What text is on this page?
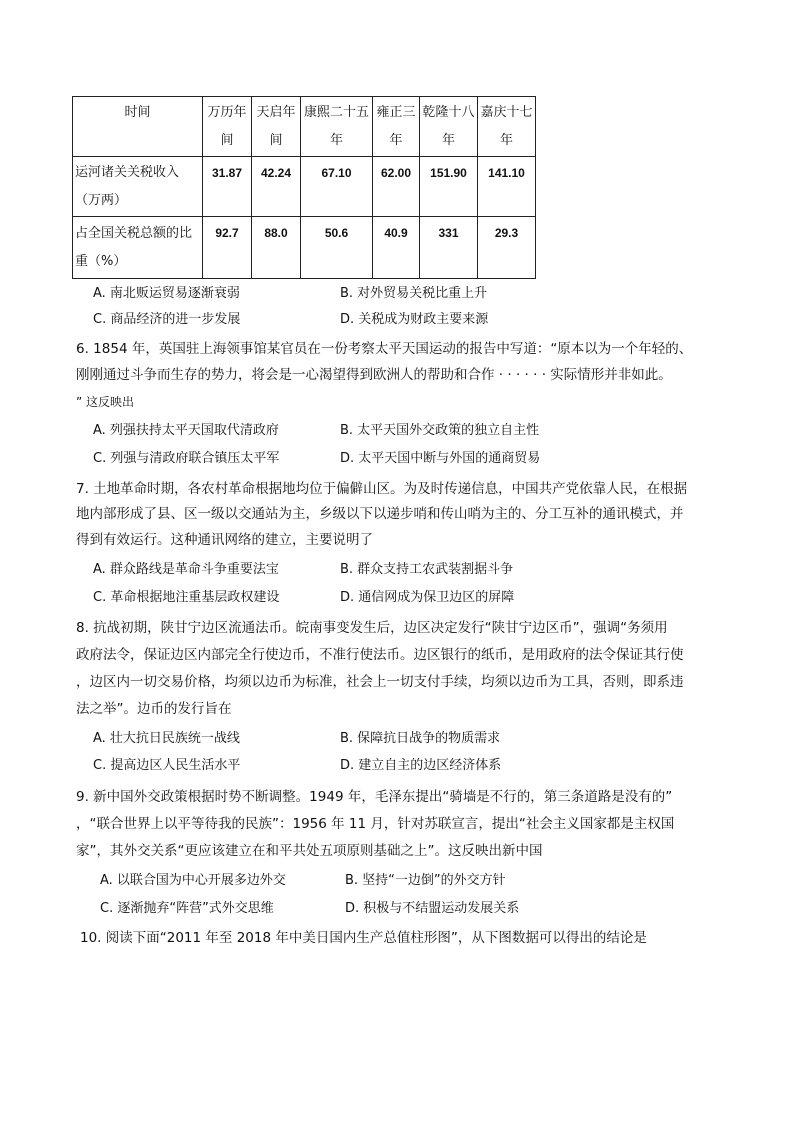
时间	万历年间	天启年间	康熙二十五年	雍正三年	乾隆十八年	嘉庆十七年
运河诸关关税收入（万两）	31.87	42.24	67.10	62.00	151.90	141.10
占全国关税总额的比重（%）	92.7	88.0	50.6	40.9	331	29.3
A. 南北贩运贸易逐渐衰弱	B. 对外贸易关税比重上升
C. 商品经济的进一步发展	D. 关税成为财政主要来源
6. 1854 年，英国驻上海领事馆某官员在一份考察太平天国运动的报告中写道：“原本以为一个年轻的、
刚刚通过斗争而生存的势力，将会是一心渴望得到欧洲人的帮助和合作 · · · · · · 实际情形并非如此。
” 这反映出
A. 列强扶持太平天国取代清政府	B. 太平天国外交政策的独立自主性
C. 列强与清政府联合镇压太平军	D. 太平天国中断与外国的通商贸易
7. 土地革命时期，各农村革命根据地均位于偏僻山区。为及时传递信息，中国共产党依靠人民，在根据
地内部形成了县、区一级以交通站为主，乡级以下以递步哨和传山哨为主的、分工互补的通讯模式，并
得到有效运行。这种通讯网络的建立，主要说明了
A. 群众路线是革命斗争重要法宝	B. 群众支持工农武装割据斗争
C. 革命根据地注重基层政权建设	D. 通信网成为保卫边区的屏障
8. 抗战初期，陕甘宁边区流通法币。皖南事变发生后，边区决定发行“陕甘宁边区币”，强调“务须用
政府法令，保证边区内部完全行使边币，不准行使法币。边区银行的纸币，是用政府的法令保证其行使
，边区内一切交易价格，均须以边币为标准，社会上一切支付手续，均须以边币为工具，否则，即系违
法之举”。边币的发行旨在
A. 壮大抗日民族统一战线	B. 保障抗日战争的物质需求
C. 提高边区人民生活水平	D. 建立自主的边区经济体系
9. 新中国外交政策根据时势不断调整。1949 年，毛泽东提出“骑墙是不行的，第三条道路是没有的”
，“联合世界上以平等待我的民族”：1956 年 11 月，针对苏联宣言，提出“社会主义国家都是主权国
家”，其外交关系“更应该建立在和平共处五项原则基础之上”。这反映出新中国
A. 以联合国为中心开展多边外交	B. 坚持“一边倒”的外交方针
C. 逐渐抛弃“阵营”式外交思维	D. 积极与不结盟运动发展关系
10. 阅读下面“2011 年至 2018 年中美日国内生产总值柱形图”，从下图数据可以得出的结论是
